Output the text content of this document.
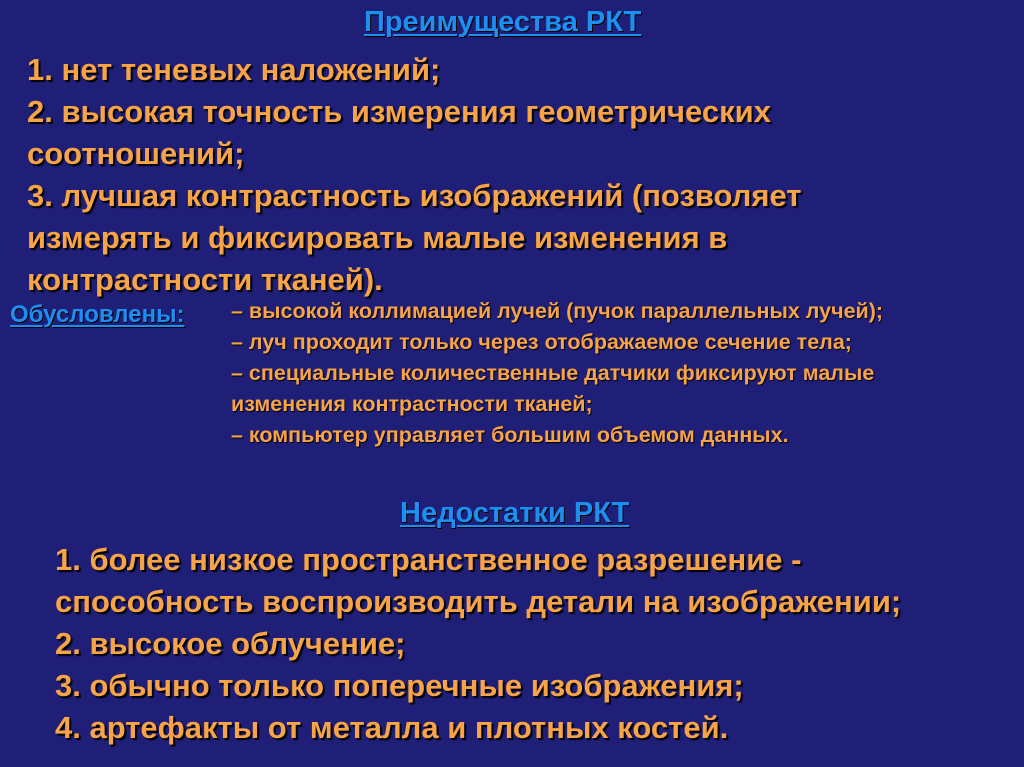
Преимущества РКТ
1. нет теневых наложений;
2. высокая точность измерения геометрических
соотношений;
3. лучшая контрастность изображений (позволяет
измерять и фиксировать малые изменения в
контрастности тканей).
Обусловлены: – высокой коллимацией лучей (пучок параллельных лучей);
– луч проходит только через отображаемое сечение тела;
– специальные количественные датчики фиксируют малые
изменения контрастности тканей;
– компьютер управляет большим объемом данных.
Недостатки РКТ
1. более низкое пространственное разрешение -
способность воспроизводить детали на изображении;
2. высокое облучение;
3. обычно только поперечные изображения;
4. артефакты от металла и плотных костей.
